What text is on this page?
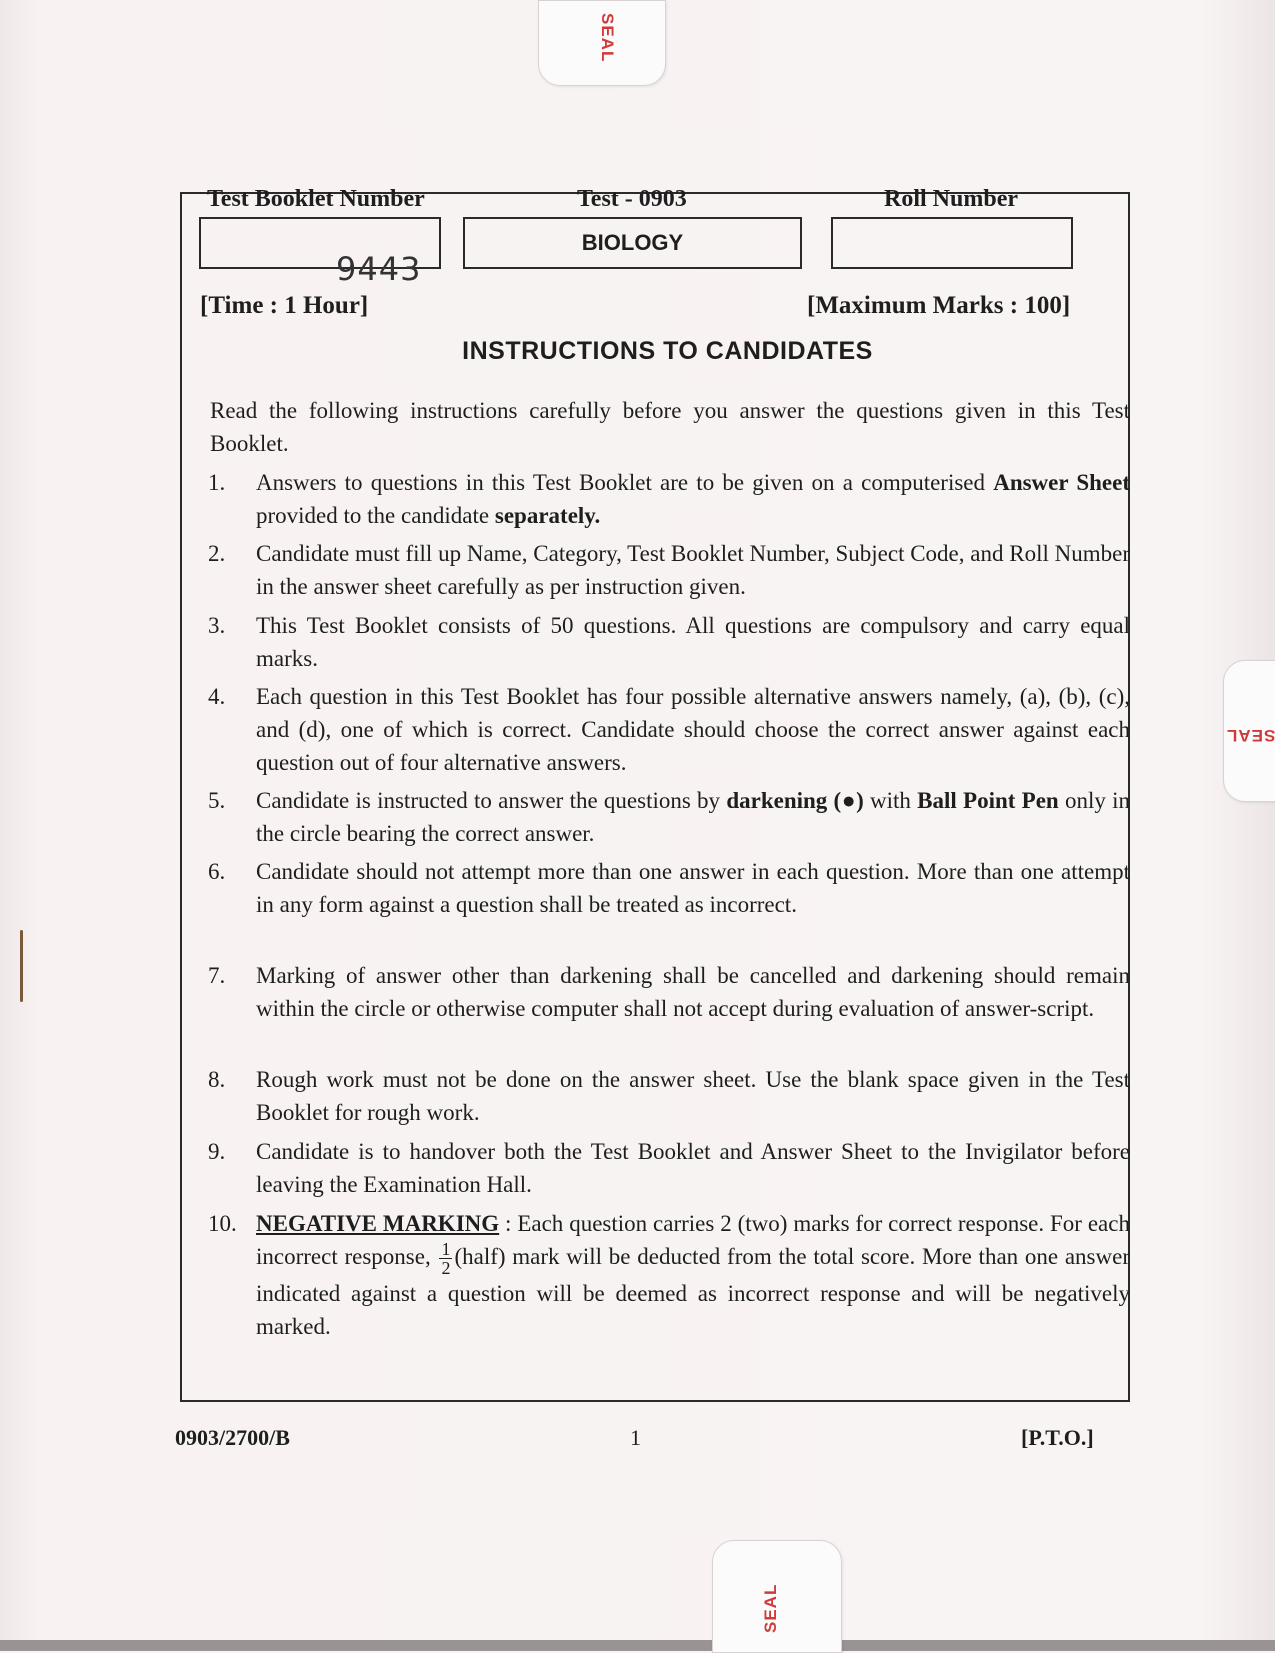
SEAL
SEAL
SEAL
Test Booklet Number	Test - 0903	Roll Number
9443
BIOLOGY
[Time : 1 Hour]	[Maximum Marks : 100]
INSTRUCTIONS TO CANDIDATES
Read the following instructions carefully before you answer the questions given in this Test Booklet.
1.	Answers to questions in this Test Booklet are to be given on a computerised Answer Sheet provided to the candidate separately.
2.	Candidate must fill up Name, Category, Test Booklet Number, Subject Code, and Roll Number in the answer sheet carefully as per instruction given.
3.	This Test Booklet consists of 50 questions. All questions are compulsory and carry equal marks.
4.	Each question in this Test Booklet has four possible alternative answers namely, (a), (b), (c), and (d), one of which is correct. Candidate should choose the correct answer against each question out of four alternative answers.
5.	Candidate is instructed to answer the questions by darkening (●) with Ball Point Pen only in the circle bearing the correct answer.
6.	Candidate should not attempt more than one answer in each question. More than one attempt in any form against a question shall be treated as incorrect.
7.	Marking of answer other than darkening shall be cancelled and darkening should remain within the circle or otherwise computer shall not accept during evaluation of answer-script.
8.	Rough work must not be done on the answer sheet. Use the blank space given in the Test Booklet for rough work.
9.	Candidate is to handover both the Test Booklet and Answer Sheet to the Invigilator before leaving the Examination Hall.
10. NEGATIVE MARKING : Each question carries 2 (two) marks for correct response. For each incorrect response, $\frac{1}{2}$ (half) mark will be deducted from the total score. More than one answer indicated against a question will be deemed as incorrect response and will be negatively marked.
0903/2700/B	1	[P.T.O.]
